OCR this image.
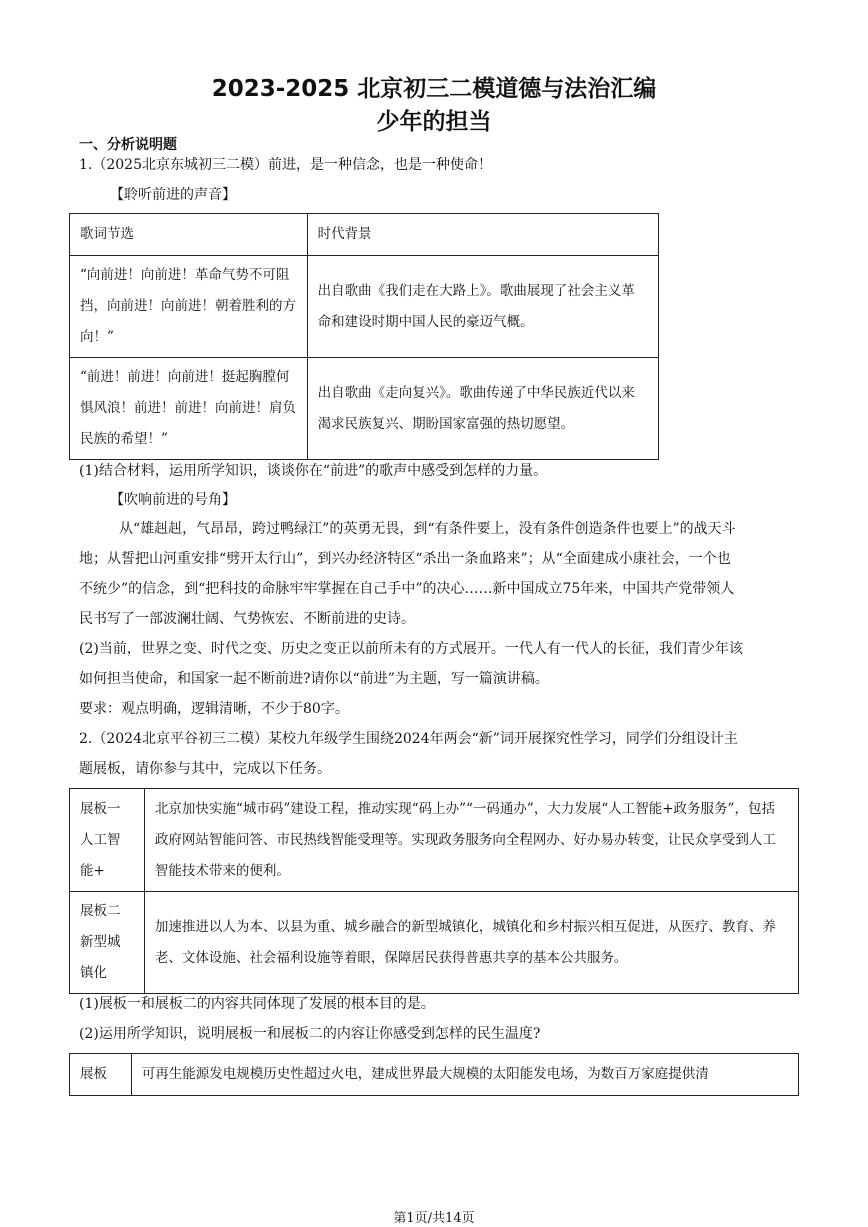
2023-2025 北京初三二模道德与法治汇编
少年的担当
一、分析说明题
1.（2025北京东城初三二模）前进，是一种信念，也是一种使命！
【聆听前进的声音】
歌词节选	时代背景

“向前进！向前进！革命气势不可阻挡，向前进！向前进！朝着胜利的方向！”	出自歌曲《我们走在大路上》。歌曲展现了社会主义革命和建设时期中国人民的豪迈气概。

“前进！前进！向前进！挺起胸膛何惧风浪！前进！前进！向前进！肩负民族的希望！”	出自歌曲《走向复兴》。歌曲传递了中华民族近代以来渴求民族复兴、期盼国家富强的热切愿望。
(1)结合材料，运用所学知识，谈谈你在“前进”的歌声中感受到怎样的力量。
【吹响前进的号角】
从“雄赳赳，气昂昂，跨过鸭绿江”的英勇无畏，到“有条件要上，没有条件创造条件也要上”的战天斗
地；从誓把山河重安排“劈开太行山”，到兴办经济特区“杀出一条血路来”；从“全面建成小康社会，一个也
不统少”的信念，到“把科技的命脉牢牢掌握在自己手中”的决心……新中国成立75年来，中国共产党带领人
民书写了一部波澜壮阔、气势恢宏、不断前进的史诗。
(2)当前，世界之变、时代之变、历史之变正以前所未有的方式展开。一代人有一代人的长征，我们青少年该
如何担当使命，和国家一起不断前进?请你以“前进”为主题，写一篇演讲稿。
要求：观点明确，逻辑清晰，不少于80字。
2.（2024北京平谷初三二模）某校九年级学生围绕2024年两会“新”词开展探究性学习，同学们分组设计主
题展板，请你参与其中，完成以下任务。
展板一人工智能+	北京加快实施“城市码”建设工程，推动实现“码上办”“一码通办”，大力发展“人工智能+政务服务”，包括政府网站智能问答、市民热线智能受理等。实现政务服务向全程网办、好办易办转变，让民众享受到人工智能技术带来的便利。

展板二新型城镇化	加速推进以人为本、以县为重、城乡融合的新型城镇化，城镇化和乡村振兴相互促进，从医疗、教育、养老、文体设施、社会福利设施等着眼，保障居民获得普惠共享的基本公共服务。
(1)展板一和展板二的内容共同体现了发展的根本目的是。
(2)运用所学知识，说明展板一和展板二的内容让你感受到怎样的民生温度?
展板	可再生能源发电规模历史性超过火电，建成世界最大规模的太阳能发电场，为数百万家庭提供清
第1页/共14页
